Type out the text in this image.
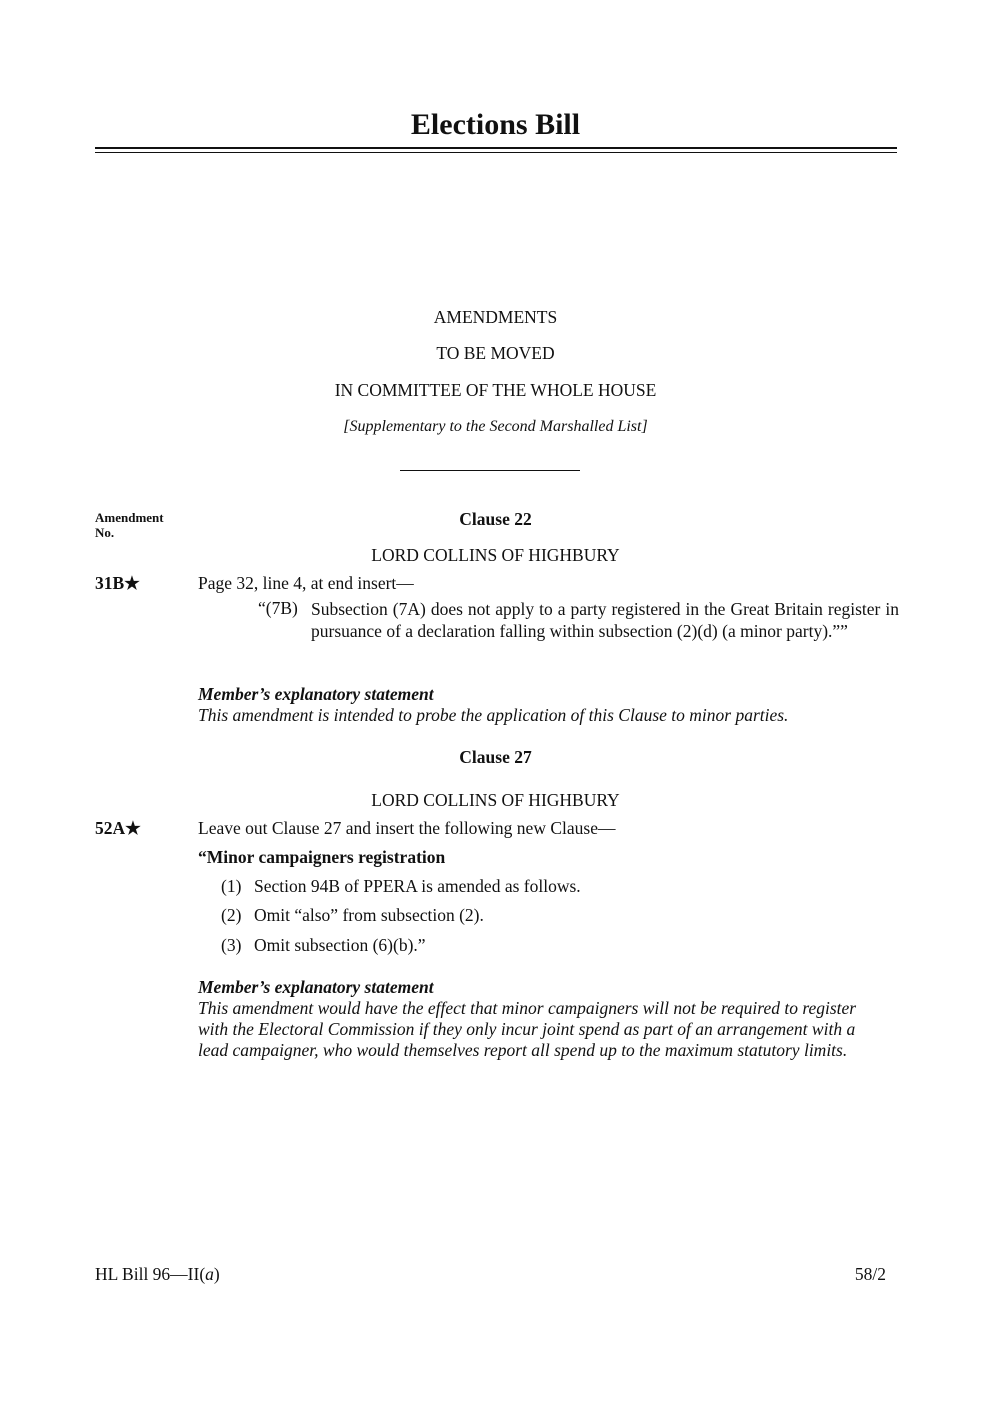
Elections Bill
AMENDMENTS
TO BE MOVED
IN COMMITTEE OF THE WHOLE HOUSE
[Supplementary to the Second Marshalled List]
Amendment No.
Clause 22
LORD COLLINS OF HIGHBURY
31B★	Page 32, line 4, at end insert—
“(7B) Subsection (7A) does not apply to a party registered in the Great Britain register in pursuance of a declaration falling within subsection (2)(d) (a minor party).””
Member’s explanatory statement
This amendment is intended to probe the application of this Clause to minor parties.
Clause 27
LORD COLLINS OF HIGHBURY
52A★	Leave out Clause 27 and insert the following new Clause—
“Minor campaigners registration
(1) Section 94B of PPERA is amended as follows.
(2) Omit “also” from subsection (2).
(3) Omit subsection (6)(b).”
Member’s explanatory statement
This amendment would have the effect that minor campaigners will not be required to register
with the Electoral Commission if they only incur joint spend as part of an arrangement with a
lead campaigner, who would themselves report all spend up to the maximum statutory limits.
HL Bill 96—II(a)	58/2
